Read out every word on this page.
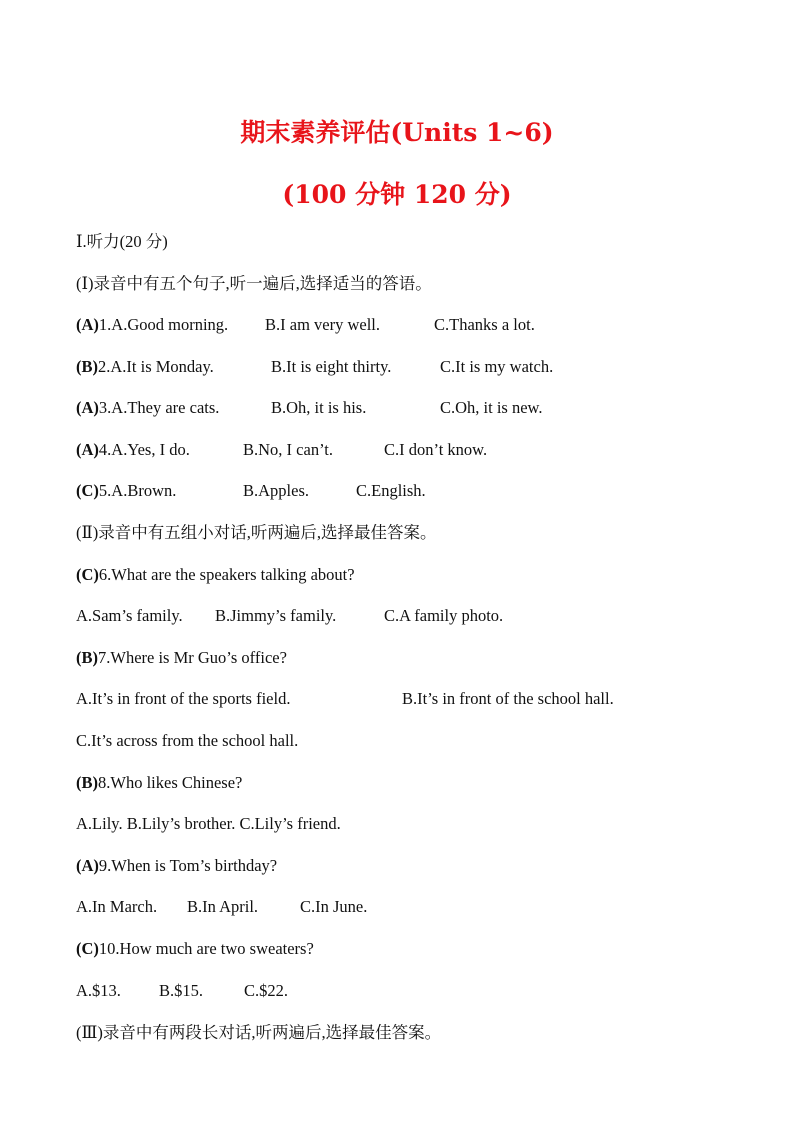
期末素养评估(Units 1~6)
(100 分钟 120 分)
Ⅰ.听力(20 分)
(Ⅰ)录音中有五个句子,听一遍后,选择适当的答语。
(A)1.A.Good morning. B.I am very well.	C.Thanks a lot.
(B)2.A.It is Monday.	B.It is eight thirty.	C.It is my watch.
(A)3.A.They are cats.	B.Oh, it is his.	C.Oh, it is new.
(A)4.A.Yes, I do.	B.No, I can’t.	C.I don’t know.
(C)5.A.Brown.	B.Apples.	C.English.
(Ⅱ)录音中有五组小对话,听两遍后,选择最佳答案。
(C)6.What are the speakers talking about?
A.Sam’s family. B.Jimmy’s family.	C.A family photo.
(B)7.Where is Mr Guo’s office?
A.It’s in front of the sports field.	B.It’s in front of the school hall.
C.It’s across from the school hall.
(B)8.Who likes Chinese?
A.Lily. B.Lily’s brother. C.Lily’s friend.
(A)9.When is Tom’s birthday?
A.In March. B.In April.	C.In June.
(C)10.How much are two sweaters?
A.$13. B.$15. C.$22.
(Ⅲ)录音中有两段长对话,听两遍后,选择最佳答案。
